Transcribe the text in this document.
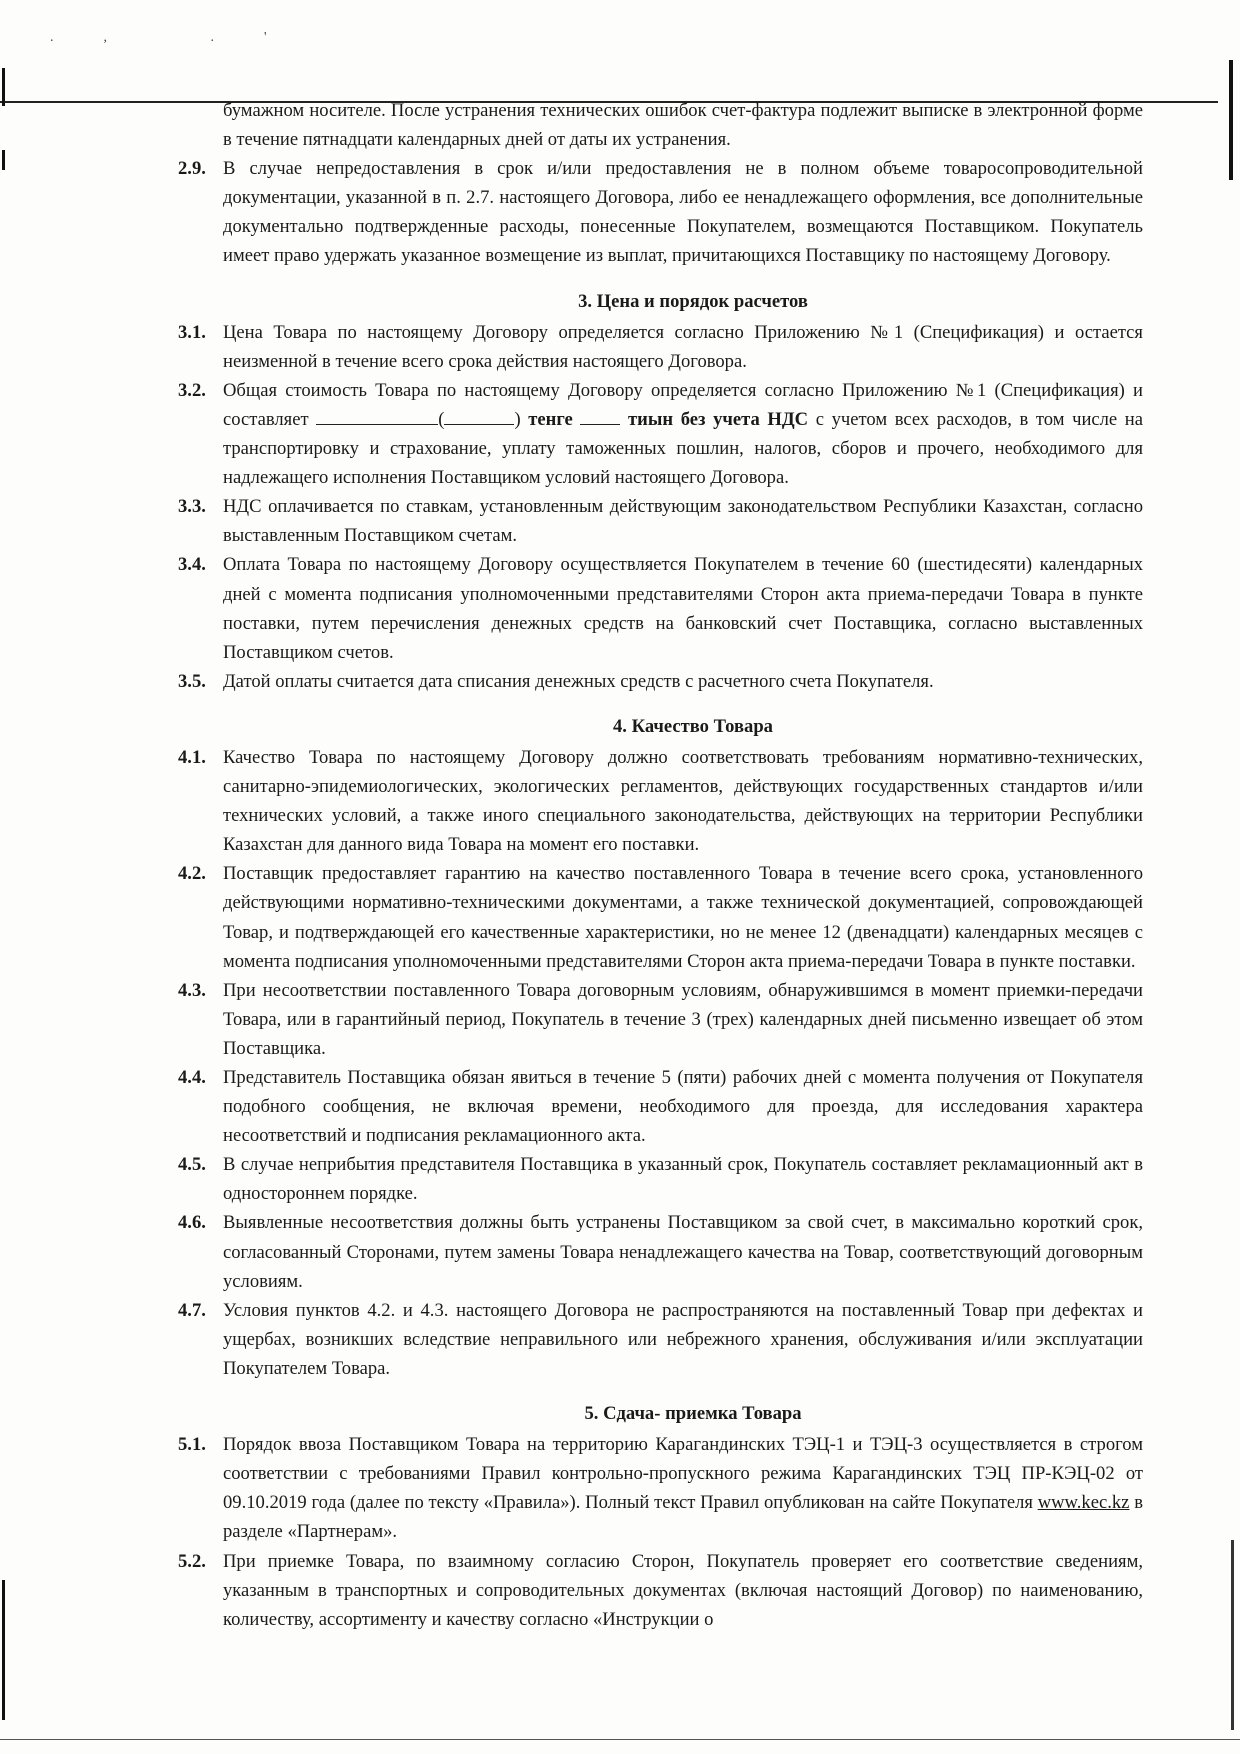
., .'

бумажном носителе. После устранения технических ошибок счет-фактура подлежит выписке в электронной форме в течение пятнадцати календарных дней от даты их устранения.

2.9. В случае непредоставления в срок и/или предоставления не в полном объеме товаросопроводительной документации, указанной в п. 2.7. настоящего Договора, либо ее ненадлежащего оформления, все дополнительные документально подтвержденные расходы, понесенные Покупателем, возмещаются Поставщиком. Покупатель имеет право удержать указанное возмещение из выплат, причитающихся Поставщику по настоящему Договору.

3. Цена и порядок расчетов

3.1. Цена Товара по настоящему Договору определяется согласно Приложению №1 (Спецификация) и остается неизменной в течение всего срока действия настоящего Договора.

3.2. Общая стоимость Товара по настоящему Договору определяется согласно Приложению №1 (Спецификация) и составляет	(	) тенге  тиын без учета НДС с учетом всех расходов, в том числе на транспортировку и страхование, уплату таможенных пошлин, налогов, сборов и прочего, необходимого для надлежащего исполнения Поставщиком условий настоящего Договора.

3.3. НДС оплачивается по ставкам, установленным действующим законодательством Республики Казахстан, согласно выставленным Поставщиком счетам.

3.4. Оплата Товара по настоящему Договору осуществляется Покупателем в течение 60 (шестидесяти) календарных дней с момента подписания уполномоченными представителями Сторон акта приема-передачи Товара в пункте поставки, путем перечисления денежных средств на банковский счет Поставщика, согласно выставленных Поставщиком счетов.

3.5. Датой оплаты считается дата списания денежных средств с расчетного счета Покупателя.

4. Качество Товара

4.1. Качество Товара по настоящему Договору должно соответствовать требованиям нормативно-технических, санитарно-эпидемиологических, экологических регламентов, действующих государственных стандартов и/или технических условий, а также иного специального законодательства, действующих на территории Республики Казахстан для данного вида Товара на момент его поставки.

4.2. Поставщик предоставляет гарантию на качество поставленного Товара в течение всего срока, установленного действующими нормативно-техническими документами, а также технической документацией, сопровождающей Товар, и подтверждающей его качественные характеристики, но не менее 12 (двенадцати) календарных месяцев с момента подписания уполномоченными представителями Сторон акта приема-передачи Товара в пункте поставки.

4.3. При несоответствии поставленного Товара договорным условиям, обнаружившимся в момент приемки-передачи Товара, или в гарантийный период, Покупатель в течение 3 (трех) календарных дней письменно извещает об этом Поставщика.

4.4. Представитель Поставщика обязан явиться в течение 5 (пяти) рабочих дней с момента получения от Покупателя подобного сообщения, не включая времени, необходимого для проезда, для исследования характера несоответствий и подписания рекламационного акта.

4.5. В случае неприбытия представителя Поставщика в указанный срок, Покупатель составляет рекламационный акт в одностороннем порядке.

4.6. Выявленные несоответствия должны быть устранены Поставщиком за свой счет, в максимально короткий срок, согласованный Сторонами, путем замены Товара ненадлежащего качества на Товар, соответствующий договорным условиям.

4.7. Условия пунктов 4.2. и 4.3. настоящего Договора не распространяются на поставленный Товар при дефектах и ущербах, возникших вследствие неправильного или небрежного хранения, обслуживания и/или эксплуатации Покупателем Товара.

5. Сдача- приемка Товара

5.1. Порядок ввоза Поставщиком Товара на территорию Карагандинских ТЭЦ-1 и ТЭЦ-3 осуществляется в строгом соответствии с требованиями Правил контрольно-пропускного режима Карагандинских ТЭЦ ПР-КЭЦ-02 от 09.10.2019 года (далее по тексту «Правила»). Полный текст Правил опубликован на сайте Покупателя www.kec.kz в разделе «Партнерам».

5.2. При приемке Товара, по взаимному согласию Сторон, Покупатель проверяет его соответствие сведениям, указанным в транспортных и сопроводительных документах (включая настоящий Договор) по наименованию, количеству, ассортименту и качеству согласно «Инструкции о
